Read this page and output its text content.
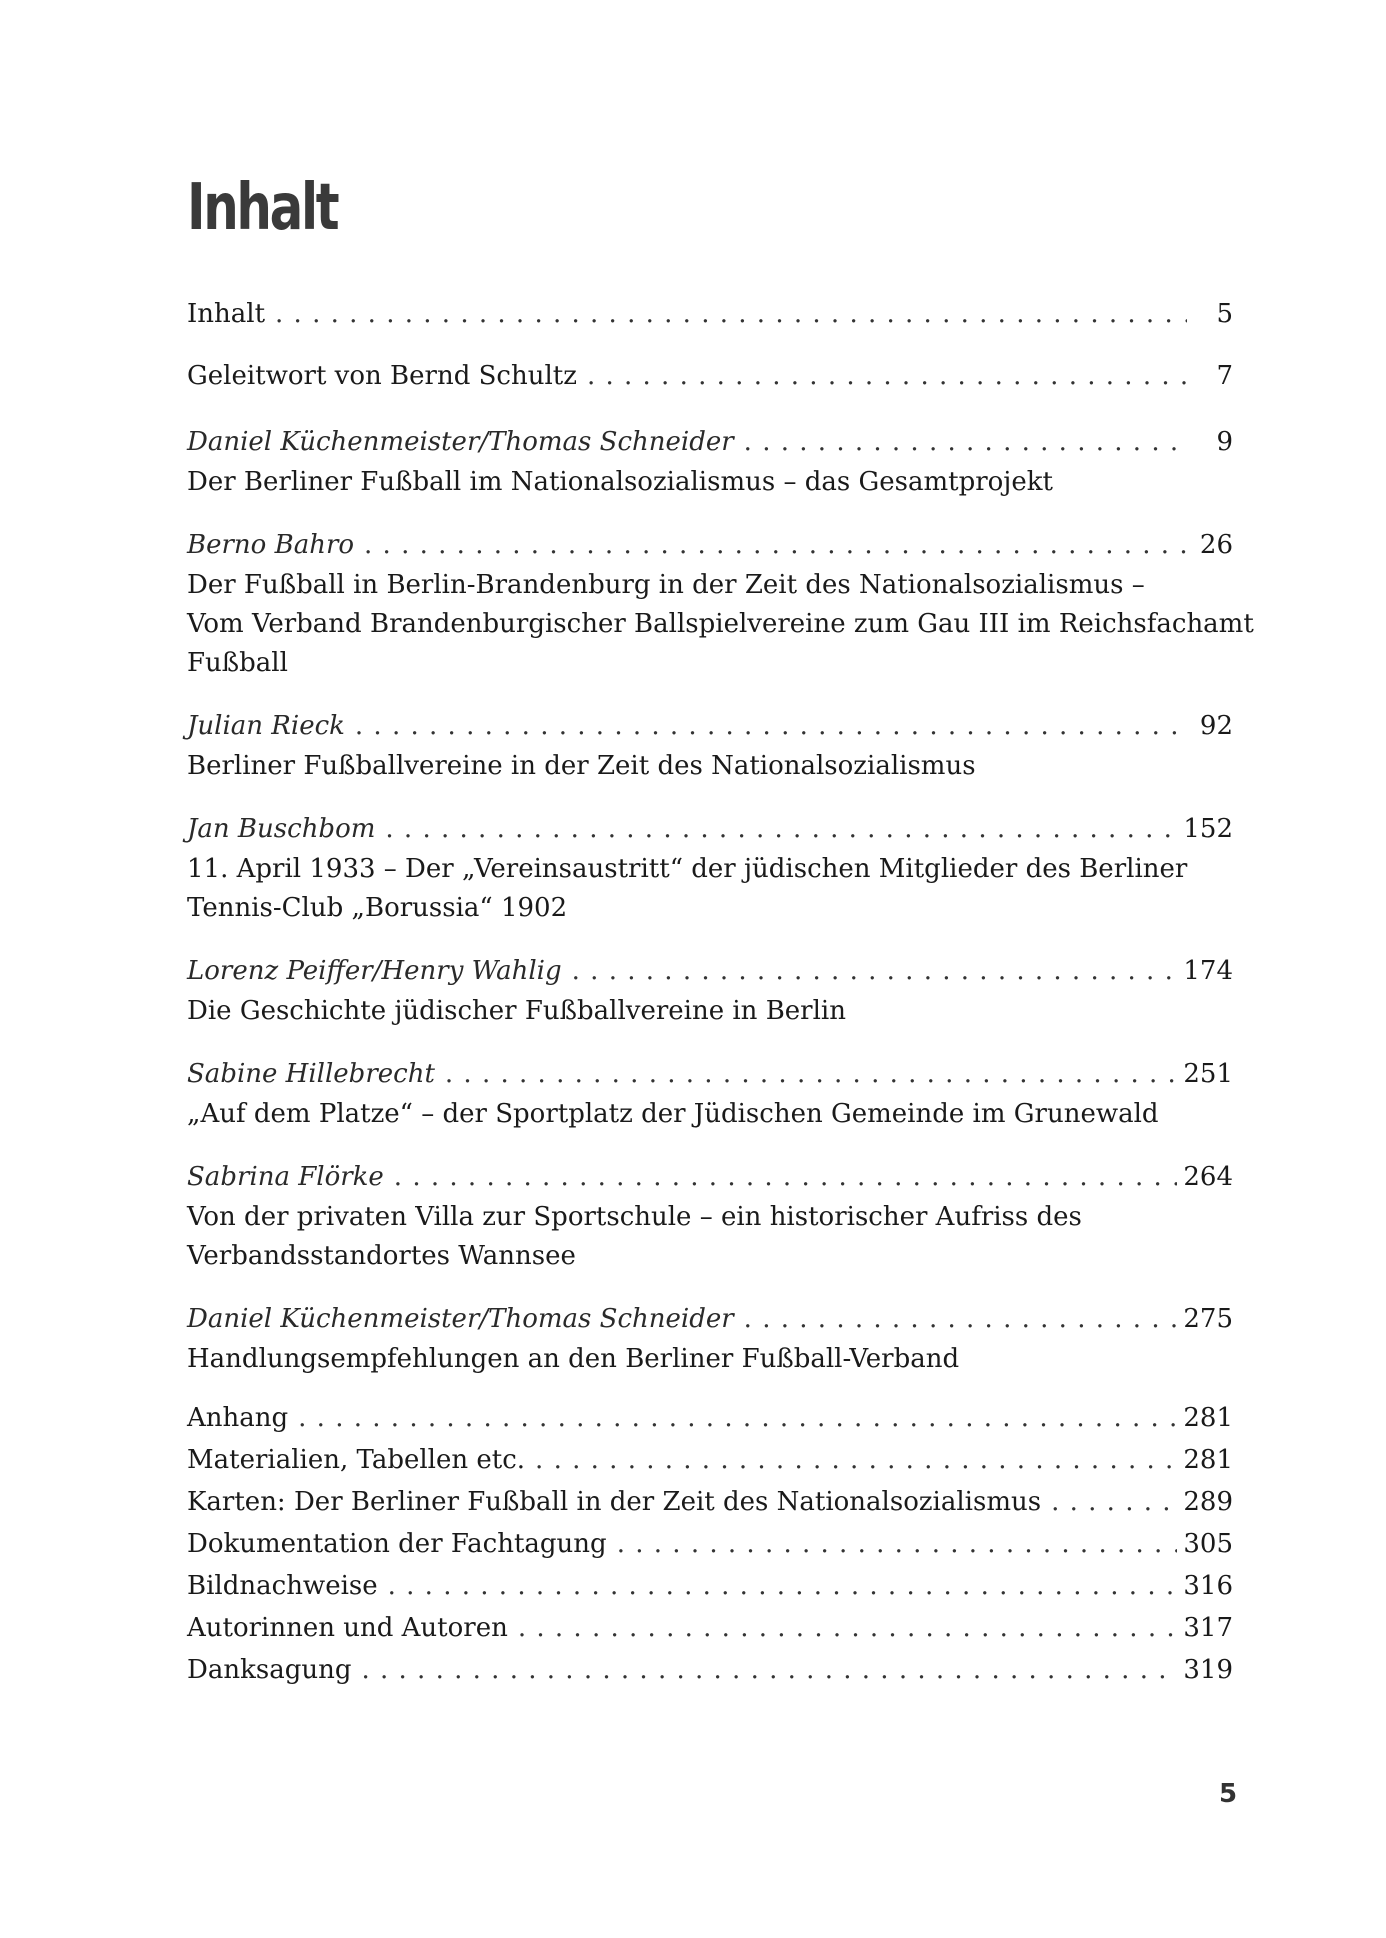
Inhalt
Inhalt . . .	5
Geleitwort von Bernd Schultz . . .	7
Daniel Küchenmeister/Thomas Schneider . . .	9
Der Berliner Fußball im Nationalsozialismus – das Gesamtprojekt
Berno Bahro . . .	26
Der Fußball in Berlin-Brandenburg in der Zeit des Nationalsozialismus –
Vom Verband Brandenburgischer Ballspielvereine zum Gau III im Reichsfachamt
Fußball
Julian Rieck . . .	92
Berliner Fußballvereine in der Zeit des Nationalsozialismus
Jan Buschbom . . .	152
11. April 1933 – Der „Vereinsaustritt“ der jüdischen Mitglieder des Berliner
Tennis-Club „Borussia“ 1902
Lorenz Peiffer/Henry Wahlig . . .	174
Die Geschichte jüdischer Fußballvereine in Berlin
Sabine Hillebrecht . . .	251
„Auf dem Platze“ – der Sportplatz der Jüdischen Gemeinde im Grunewald
Sabrina Flörke . . .	264
Von der privaten Villa zur Sportschule – ein historischer Aufriss des
Verbandsstandortes Wannsee
Daniel Küchenmeister/Thomas Schneider . . .	275
Handlungsempfehlungen an den Berliner Fußball-Verband
Anhang . . .	281
Materialien, Tabellen etc. . . .	281
Karten: Der Berliner Fußball in der Zeit des Nationalsozialismus . . .	289
Dokumentation der Fachtagung . . .	305
Bildnachweise . . .	316
Autorinnen und Autoren . . .	317
Danksagung . . .	319
5
